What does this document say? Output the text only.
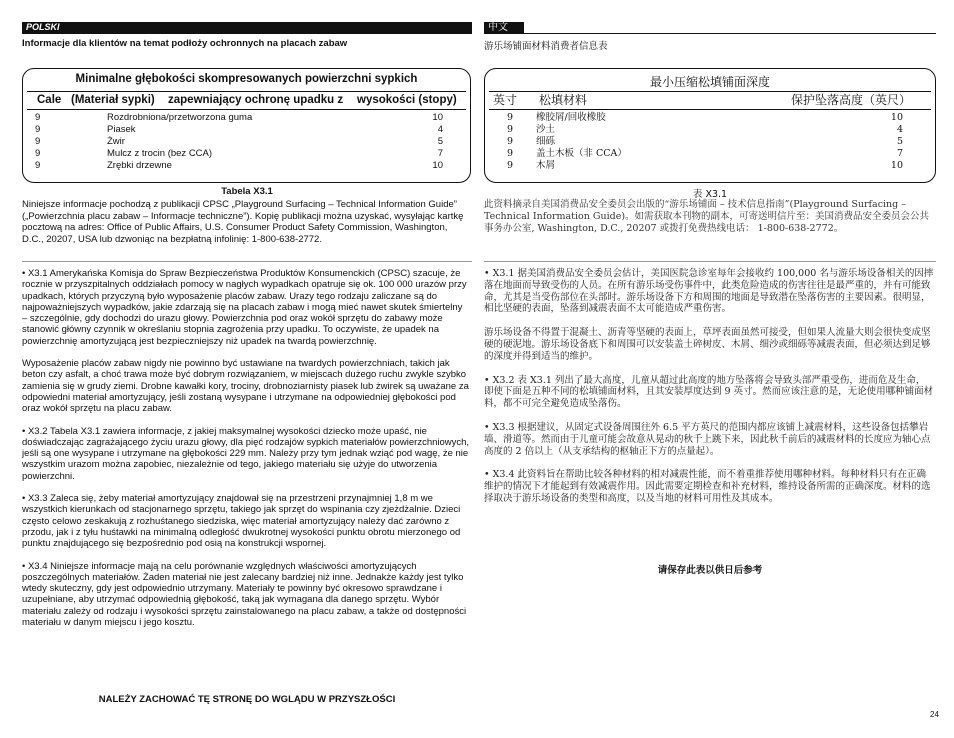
POLSKI
Informacje dla klientów na temat podłoży ochronnych na placach zabaw
Minimalne głębokości skompresowanych powierzchni sypkich
Cale (Materiał sypki) zapewniający ochronę upadku z wysokości (stopy)
9	Rozdrobniona/przetworzona guma	10
9	Piasek	4
9	Żwir	5
9	Mulcz z trocin (bez CCA)	7
9	Zrębki drzewne	10
Tabela X3.1
Niniejsze informacje pochodzą z publikacji CPSC „Playground Surfacing – Technical Information Guide” („Powierzchnia placu zabaw – Informacje techniczne”). Kopię publikacji można uzyskać, wysyłając kartkę pocztową na adres: Office of Public Affairs, U.S. Consumer Product Safety Commission, Washington, D.C., 20207, USA lub dzwoniąc na bezpłatną infolinię: 1-800-638-2772.

• X3.1 Amerykańska Komisja do Spraw Bezpieczeństwa Produktów Konsumenckich (CPSC) szacuje, że rocznie w przyszpitalnych oddziałach pomocy w nagłych wypadkach opatruje się ok. 100 000 urazów przy upadkach, których przyczyną było wyposażenie placów zabaw. Urazy tego rodzaju zaliczane są do najpoważniejszych wypadków, jakie zdarzają się na placach zabaw i mogą mieć nawet skutek śmiertelny – szczególnie, gdy dochodzi do urazu głowy. Powierzchnia pod oraz wokół sprzętu do zabawy może stanowić główny czynnik w określaniu stopnia zagrożenia przy upadku. To oczywiste, że upadek na powierzchnię amortyzującą jest bezpieczniejszy niż upadek na twardą powierzchnię.

Wyposażenie placów zabaw nigdy nie powinno być ustawiane na twardych powierzchniach, takich jak beton czy asfalt, a choć trawa może być dobrym rozwiązaniem, w miejscach dużego ruchu zwykle szybko zamienia się w grudy ziemi. Drobne kawałki kory, trociny, drobnoziarnisty piasek lub żwirek są uważane za odpowiedni materiał amortyzujący, jeśli zostaną wysypane i utrzymane na odpowiedniej głębokości pod oraz wokół sprzętu na placu zabaw.

• X3.2 Tabela X3.1 zawiera informacje, z jakiej maksymalnej wysokości dziecko może upaść, nie doświadczając zagrażającego życiu urazu głowy, dla pięć rodzajów sypkich materiałów powierzchniowych, jeśli są one wysypane i utrzymane na głębokości 229 mm. Należy przy tym jednak wziąć pod wagę, że nie wszystkim urazom można zapobiec, niezależnie od tego, jakiego materiału się użyje do utworzenia powierzchni.

• X3.3 Zaleca się, żeby materiał amortyzujący znajdował się na przestrzeni przynajmniej 1,8 m we wszystkich kierunkach od stacjonarnego sprzętu, takiego jak sprzęt do wspinania czy zjeżdżalnie. Dzieci często celowo zeskakują z rozhuśtanego siedziska, więc materiał amortyzujący należy dać zarówno z przodu, jak i z tyłu huśtawki na minimalną odległość dwukrotnej wysokości punktu obrotu mierzonego od punktu znajdującego się bezpośrednio pod osią na konstrukcji wspornej.

• X3.4 Niniejsze informacje mają na celu porównanie względnych właściwości amortyzujących poszczególnych materiałów. Żaden materiał nie jest zalecany bardziej niż inne. Jednakże każdy jest tylko wtedy skuteczny, gdy jest odpowiednio utrzymany. Materiały te powinny być okresowo sprawdzane i uzupełniane, aby utrzymać odpowiednią głębokość, taką jak wymagana dla danego sprzętu. Wybór materiału zależy od rodzaju i wysokości sprzętu zainstalowanego na placu zabaw, a także od dostępności materiału w danym miejscu i jego kosztu.

NALEŻY ZACHOWAĆ TĘ STRONĘ DO WGLĄDU W PRZYSZŁOŚCI
中文
游乐场铺面材料消费者信息表
最小压缩松填铺面深度
英寸 松填材料	保护坠落高度（英尺）
9 橡胶屑/回收橡胶	10
9 沙土	4
9 细砾	5
9 盖土木板（非 CCA）	7
9 木屑	10
表 X3.1
此资料摘录自美国消费品安全委员会出版的“游乐场铺面 – 技术信息指南”(Playground Surfacing – Technical Information Guide)。如需获取本刊物的副本，可寄送明信片至：美国消费品安全委员会公共事务办公室, Washington, D.C., 20207 或拨打免费热线电话： 1-800-638-2772。

• X3.1 据美国消费品安全委员会估计，美国医院急诊室每年会接收约 100,000 名与游乐场设备相关的因摔落在地面而导致受伤的人员。在所有游乐场受伤事件中，此类危险造成的伤害往往是最严重的，并有可能致命，尤其是当受伤部位在头部时。游乐场设备下方和周围的地面是导致潜在坠落伤害的主要因素。很明显，相比坚硬的表面，坠落到减震表面不太可能造成严重伤害。

游乐场设备不得置于混凝土、沥青等坚硬的表面上，草坪表面虽然可接受，但如果人流量大则会很快变成坚硬的硬泥地。游乐场设备底下和周围可以安装盖土碎树皮、木屑、细沙或细砾等减震表面，但必须达到足够的深度并得到适当的维护。

• X3.2 表 X3.1 列出了最大高度，儿童从超过此高度的地方坠落将会导致头部严重受伤，进而危及生命，即使下面是五种不同的松填铺面材料，且其安装厚度达到 9 英寸。然而应该注意的是，无论使用哪种铺面材料，都不可完全避免造成坠落伤。

• X3.3 根据建议，从固定式设备周围往外 6.5 平方英尺的范围内都应该铺上减震材料，这些设备包括攀岩墙、滑道等。然而由于儿童可能会故意从晃动的秋千上跳下来，因此秋千前后的减震材料的长度应为轴心点高度的 2 倍以上（从支承结构的枢轴正下方的点量起）。

• X3.4 此资料旨在帮助比较各种材料的相对减震性能，而不着重推荐使用哪种材料。每种材料只有在正确维护的情况下才能起到有效减震作用。因此需要定期检查和补充材料，维持设备所需的正确深度。材料的选择取决于游乐场设备的类型和高度，以及当地的材料可用性及其成本。

请保存此表以供日后参考
24
